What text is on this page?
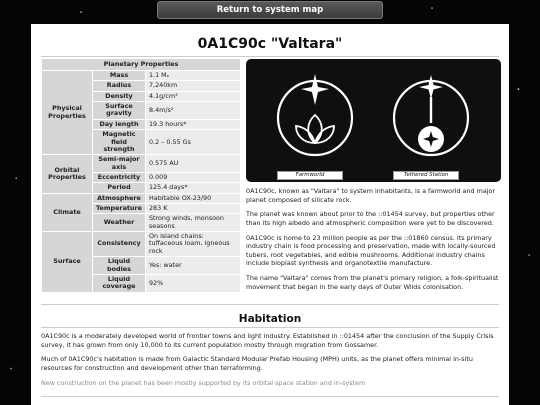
Return to system map
0A1C90c "Valtara"
Planetary Properties		
Physical Properties	Mass	1.1 Mₑ
	Radius	7,240km
	Density	4.1g/cm³
	Surface gravity	8.4m/s²
	Day length	19.3 hours*
	Magnetic field strength	0.2 – 0.55 Gs
Orbital Properties	Semi-major axis	0.575 AU
	Eccentricity	0.009
	Period	125.4 days*
Climate	Atmosphere	Habitable OX-23/90
	Temperature	283 K
	Weather	Strong winds, monsoon seasons
Surface	Consistency	On island chains: tuffaceous loam, igneous rock
	Liquid bodies	Yes: water
	Liquid coverage	92%
Farmworld	Tethered Station

0A1C90c, known as "Valtara" to system inhabitants, is a farmworld and major planet composed of silicate rock.

The planet was known about prior to the ::01454 survey, but properties other than its high albedo and atmospheric composition were yet to be discovered.

0A1C90c is home to 23 million people as per the ::01860 census. Its primary industry chain is food processing and preservation, made with locally-sourced tubers, root vegetables, and edible mushrooms. Additional industry chains include bioplast synthesis and organotextile manufacture.

The name "Valtara" comes from the planet's primary religion, a folk-spiritualist movement that began in the early days of Outer Wilds colonisation.

Habitation

0A1C90c is a moderately developed world of frontier towns and light industry. Established in ::01454 after the conclusion of the Supply Crisis survey, it has grown from only 10,000 to its current population mostly through migration from Gossamer.

Much of 0A1C90c's habitation is made from Galactic Standard Modular Prefab Housing (MPH) units, as the planet offers minimal in-situ resources for construction and development other than terraforming.

New construction on the planet has been mostly supported by its orbital space station and in-system
